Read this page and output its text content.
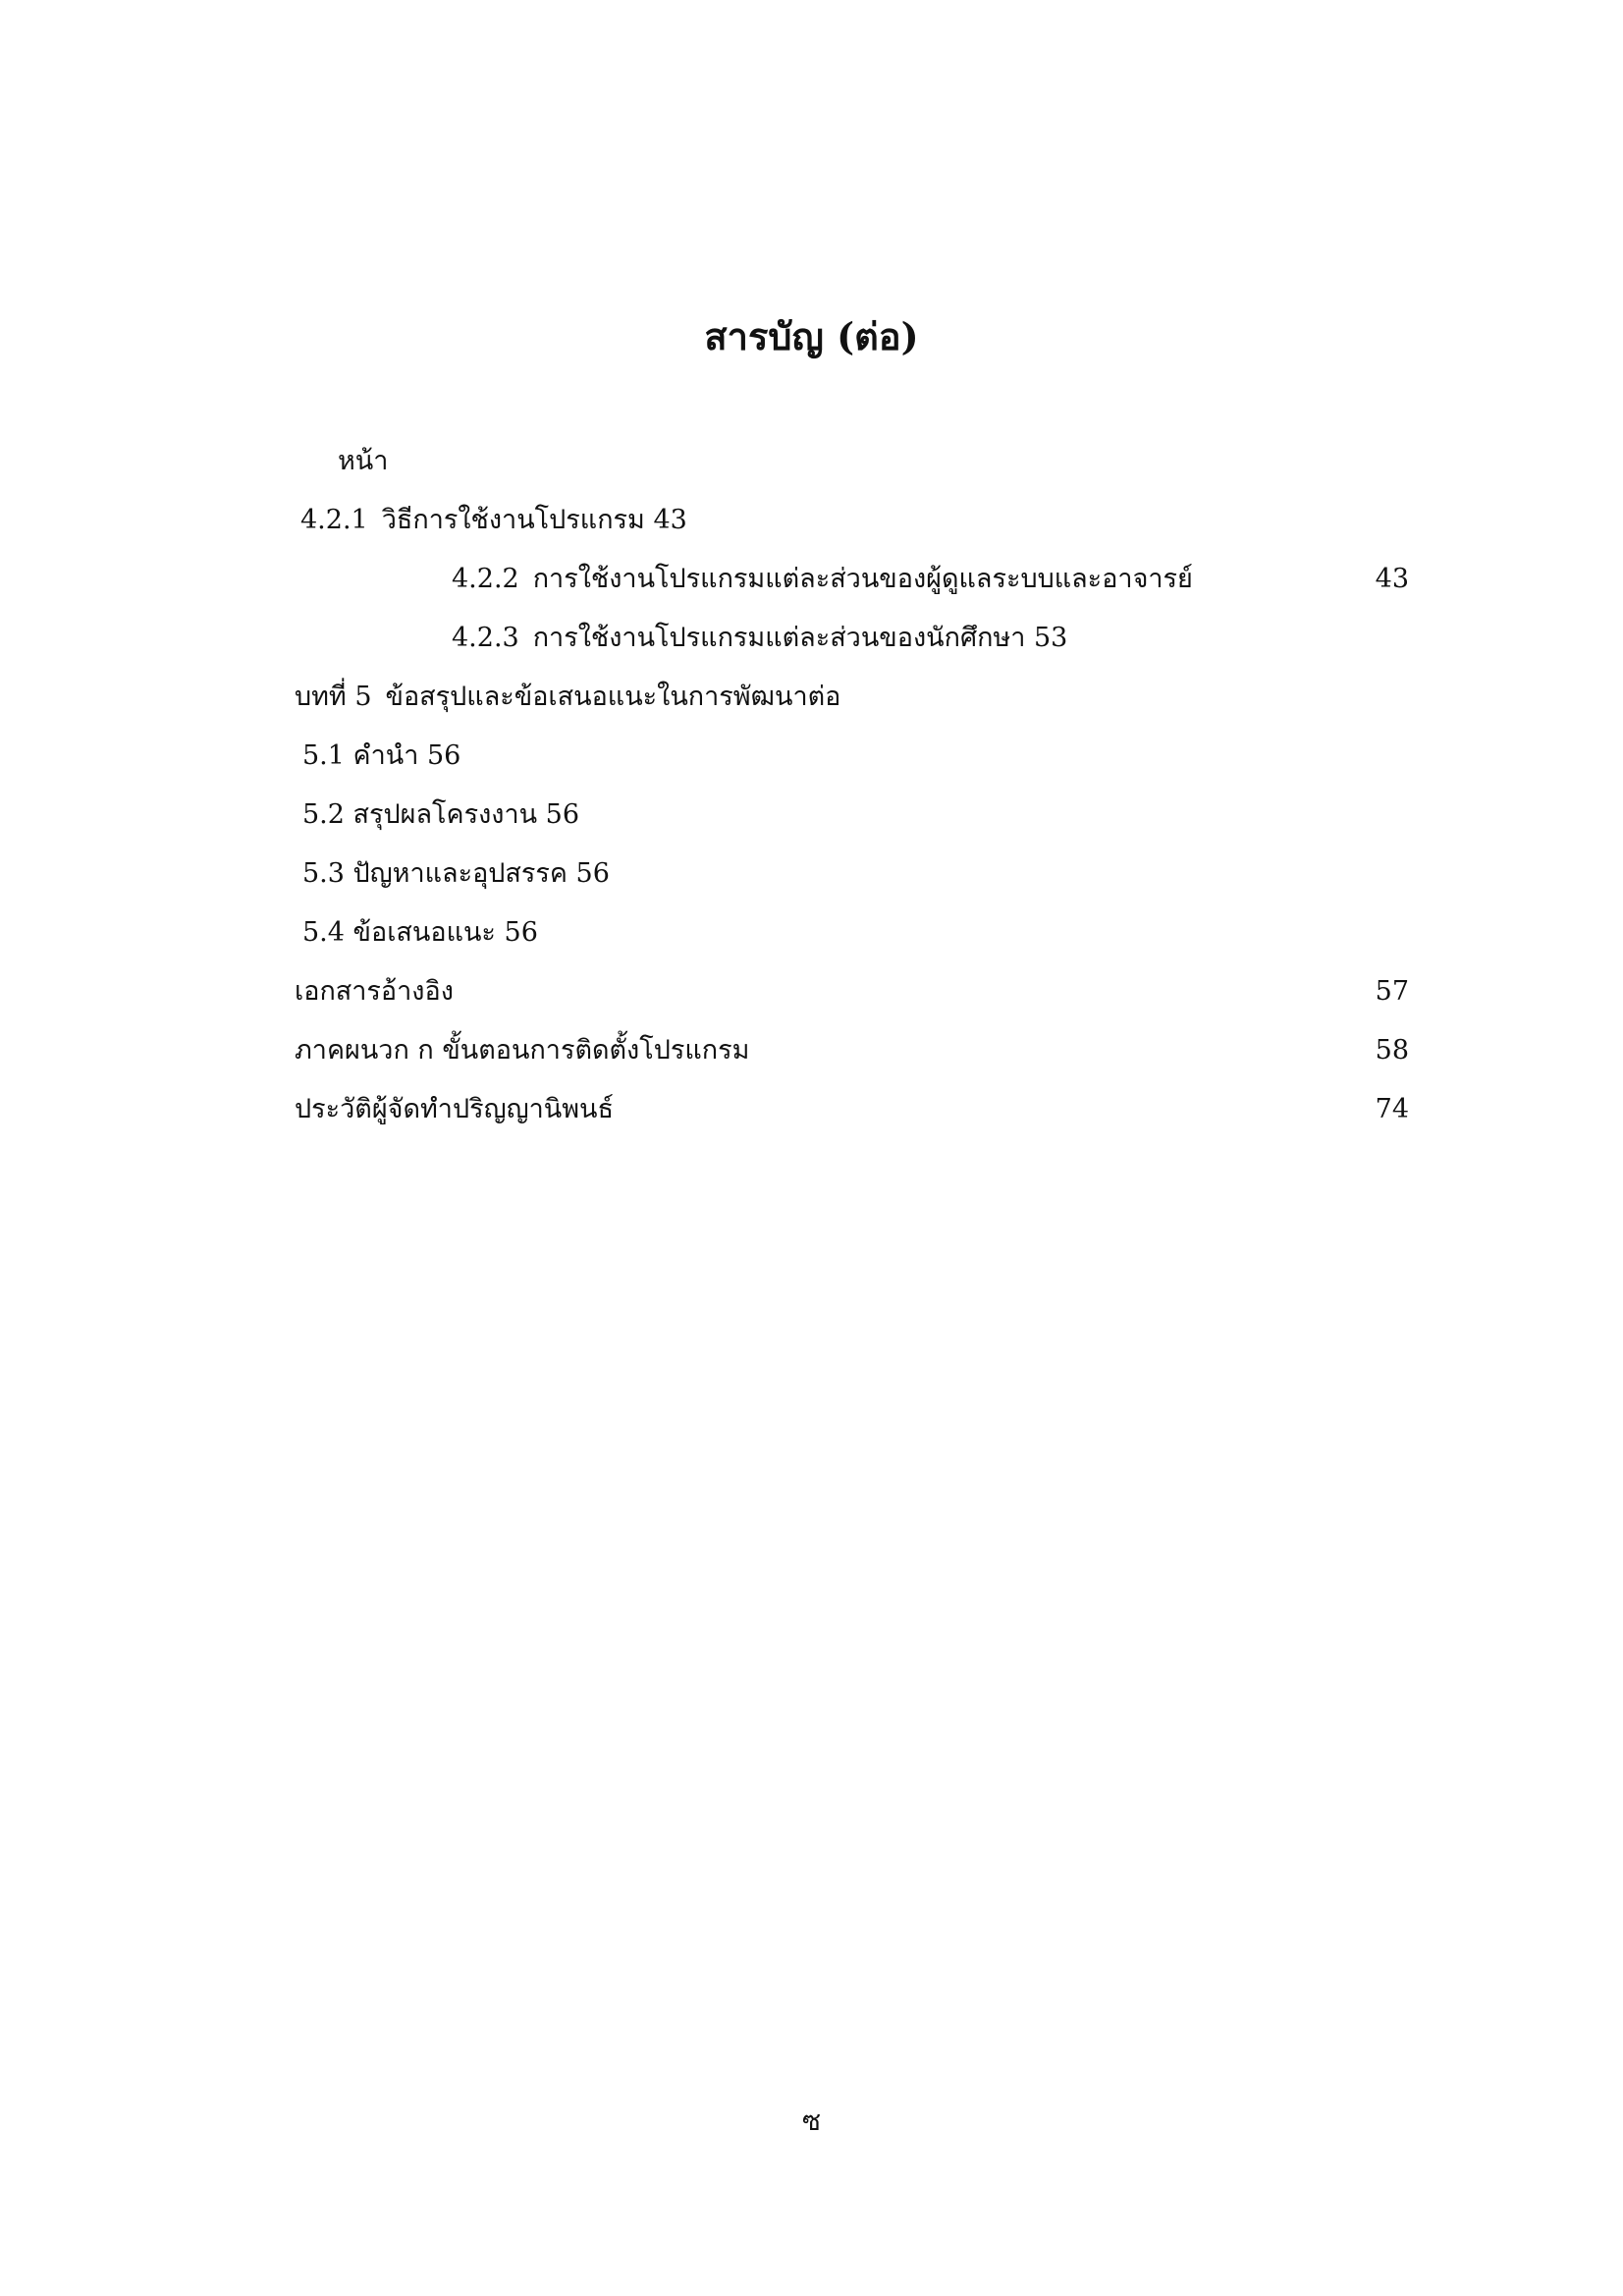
สารบัญ (ต่อ)
หน้า
4.2.1 วิธีการใช้งานโปรแกรม 43
4.2.2 การใช้งานโปรแกรมแต่ละส่วนของผู้ดูแลระบบและอาจารย์	43
4.2.3 การใช้งานโปรแกรมแต่ละส่วนของนักศึกษา 53
บทที่ 5 ข้อสรุปและข้อเสนอแนะในการพัฒนาต่อ
5.1 คำนำ 56
5.2 สรุปผลโครงงาน 56
5.3 ปัญหาและอุปสรรค 56
5.4 ข้อเสนอแนะ 56
เอกสารอ้างอิง	57
ภาคผนวก ก ขั้นตอนการติดตั้งโปรแกรม	58
ประวัติผู้จัดทำปริญญานิพนธ์	74
ซ
